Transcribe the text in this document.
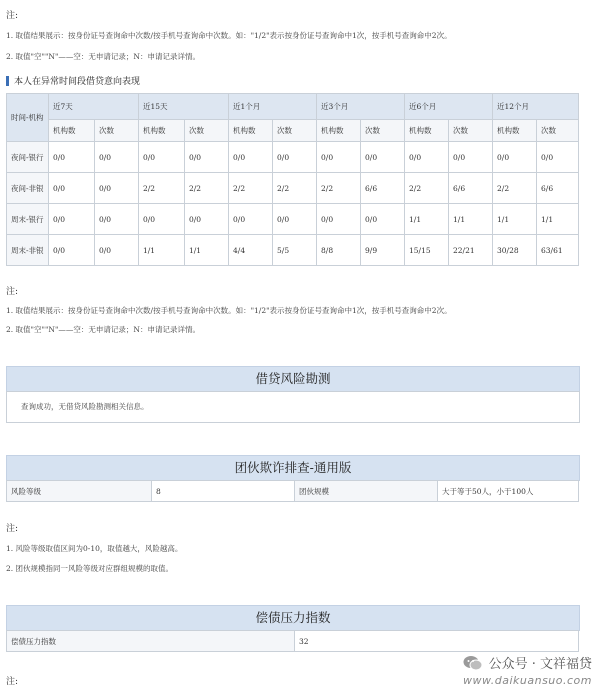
注:
1. 取值结果展示：按身份证号查询命中次数/按手机号查询命中次数。如："1/2"表示按身份证号查询命中1次，按手机号查询命中2次。
2. 取值"空""N"——空：无申请记录；N：申请记录详情。
本人在异常时间段借贷意向表现
时间-机构	近7天		近15天		近1个月		近3个月		近6个月		近12个月	
	机构数	次数	机构数	次数	机构数	次数	机构数	次数	机构数	次数	机构数	次数
夜间-银行	0/0	0/0	0/0	0/0	0/0	0/0	0/0	0/0	0/0	0/0	0/0	0/0
夜间-非银	0/0	0/0	2/2	2/2	2/2	2/2	2/2	6/6	2/2	6/6	2/2	6/6
周末-银行	0/0	0/0	0/0	0/0	0/0	0/0	0/0	0/0	1/1	1/1	1/1	1/1
周末-非银	0/0	0/0	1/1	1/1	4/4	5/5	8/8	9/9	15/15	22/21	30/28	63/61
注:
1. 取值结果展示：按身份证号查询命中次数/按手机号查询命中次数。如："1/2"表示按身份证号查询命中1次，按手机号查询命中2次。
2. 取值"空""N"——空：无申请记录；N：申请记录详情。
借贷风险勘测
查询成功，无借贷风险勘测相关信息。
团伙欺诈排查-通用版
风险等级	8	团伙规模	大于等于50人，小于100人
注:
1. 风险等级取值区间为0-10，取值越大，风险越高。
2. 团伙规模指同一风险等级对应群组规模的取值。
偿债压力指数
偿债压力指数	32
注:
公众号 · 文祥福贷
www.daikuansuo.com
